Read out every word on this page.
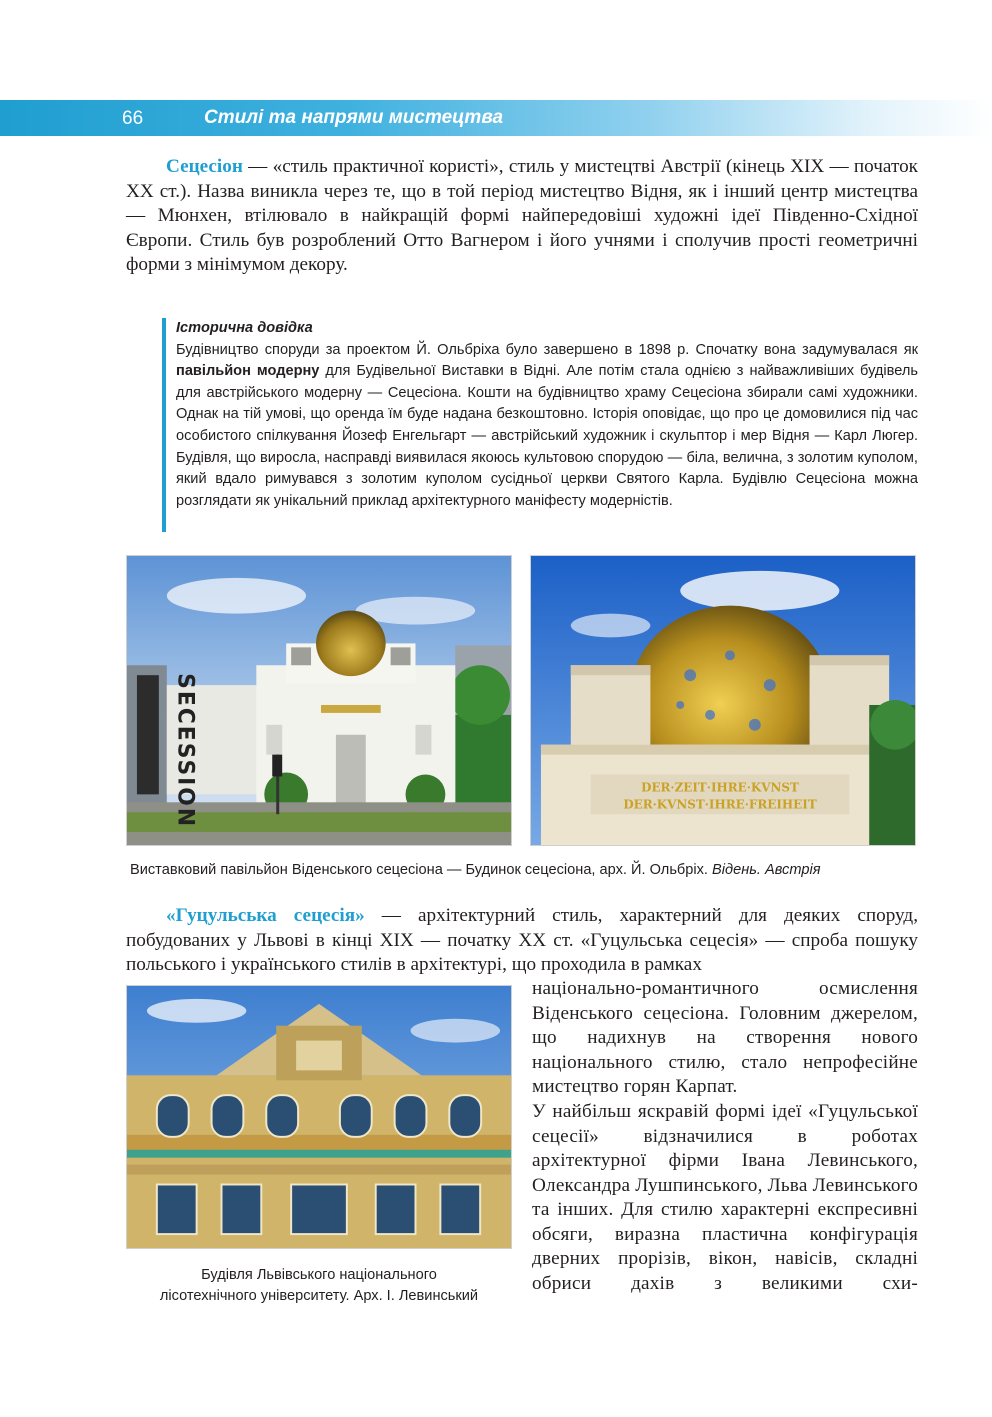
66	Стилі та напрями мистецтва
Сецесіон — «стиль практичної користі», стиль у мистецтві Австрії (кінець XIX — початок XX ст.). Назва виникла через те, що в той період мистецтво Відня, як і інший центр мистецтва — Мюнхен, втілювало в найкращій формі найпередовіші художні ідеї Південно-Східної Європи. Стиль був розроблений Отто Вагнером і його учнями і сполучив прості геометричні форми з мінімумом декору.
Історична довідка
Будівництво споруди за проектом Й. Ольбріха було завершено в 1898 р. Спочатку вона задумувалася як павільйон модерну для Будівельної Виставки в Відні. Але потім стала однією з найважливіших будівель для австрійського модерну — Сецесіона. Кошти на будівництво храму Сецесіона збирали самі художники. Однак на тій умові, що оренда їм буде надана безкоштовно. Історія оповідає, що про це домовилися під час особистого спілкування Йозеф Енгельгарт — австрійський художник і скульптор і мер Відня — Карл Люгер. Будівля, що виросла, насправді виявилася якоюсь культовою спорудою — біла, велична, з золотим куполом, який вдало римувався з золотим куполом сусідньої церкви Святого Карла. Будівлю Сецесіона можна розглядати як унікальний приклад архітектурного маніфесту модерністів.
SECESSION	DER·ZEIT·IHRE·KVNST
DER·KVNST·IHRE·FREIHEIT
Виставковий павільйон Віденського сецесіона — Будинок сецесіона, арх. Й. Ольбріх. Відень. Австрія
«Гуцульська сецесія» — архітектурний стиль, характерний для деяких споруд, побудованих у Львові в кінці XIX — початку XX ст. «Гуцульська сецесія» — спроба пошуку польського і українського стилів в архітектурі, що проходила в рамках
Будівля Львівського національного
лісотехнічного університету. Арх. І. Левинський

національно-романтичного осмислення Віденського сецесіона. Головним джерелом, що надихнув на створення нового національного стилю, стало непрофесійне мистецтво горян Карпат.

У найбільш яскравій формі ідеї «Гуцульської сецесії» відзначилися в роботах архітектурної фірми Івана Левинського, Олександра Лушпинського, Льва Левинського та інших. Для стилю характерні експресивні обсяги, виразна пластична конфігурація дверних прорізів, вікон, навісів, складні обриси дахів з великими схи-
